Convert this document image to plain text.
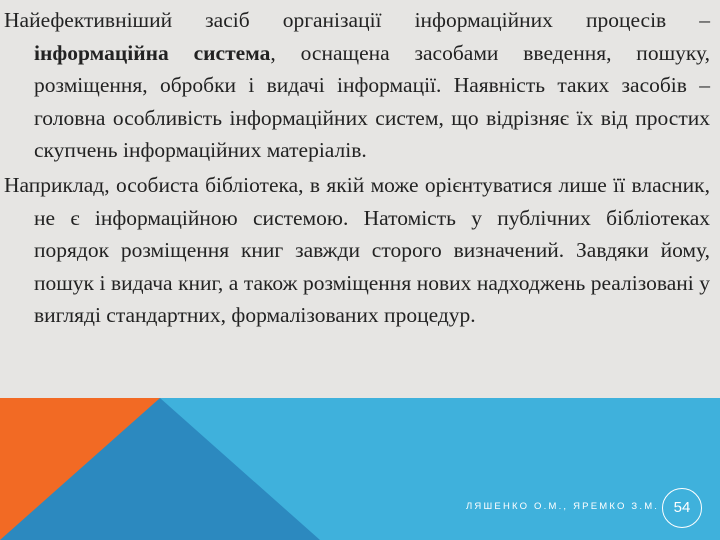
Найефективніший засіб організації інформаційних процесів – інформаційна система, оснащена засобами введення, пошуку, розміщення, обробки і видачі інформації. Наявність таких засобів – головна особливість інформаційних систем, що відрізняє їх від простих скупчень інформаційних матеріалів.

Наприклад, особиста бібліотека, в якій може орієнтуватися лише її власник, не є інформаційною системою. Натомість у публічних бібліотеках порядок розміщення книг завжди сторого визначений. Завдяки йому, пошук і видача книг, а також розміщення нових надходжень реалізовані у вигляді стандартних, формалізованих процедур.

ЛЯШЕНКО О.М., ЯРЕМКО З.М. 54
